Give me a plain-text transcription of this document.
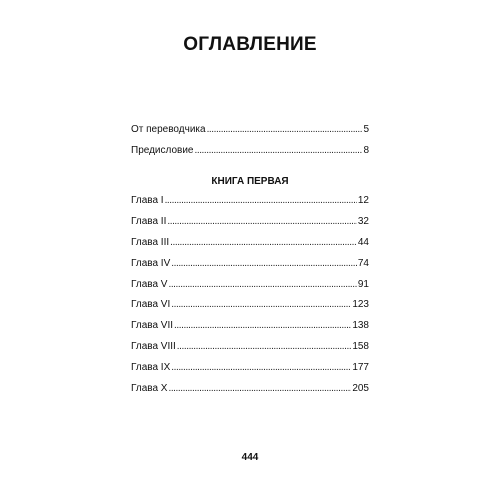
ОГЛАВЛЕНИЕ
От переводчика . . .	5
Предисловие . . .	8
КНИГА ПЕРВАЯ
Глава I . . .	12
Глава II . . .	32
Глава III . . .	44
Глава IV . . .	74
Глава V . . .	91
Глава VI . . .	123
Глава VII . . .	138
Глава VIII . . .	158
Глава IX . . .	177
Глава X . . .	205
444
